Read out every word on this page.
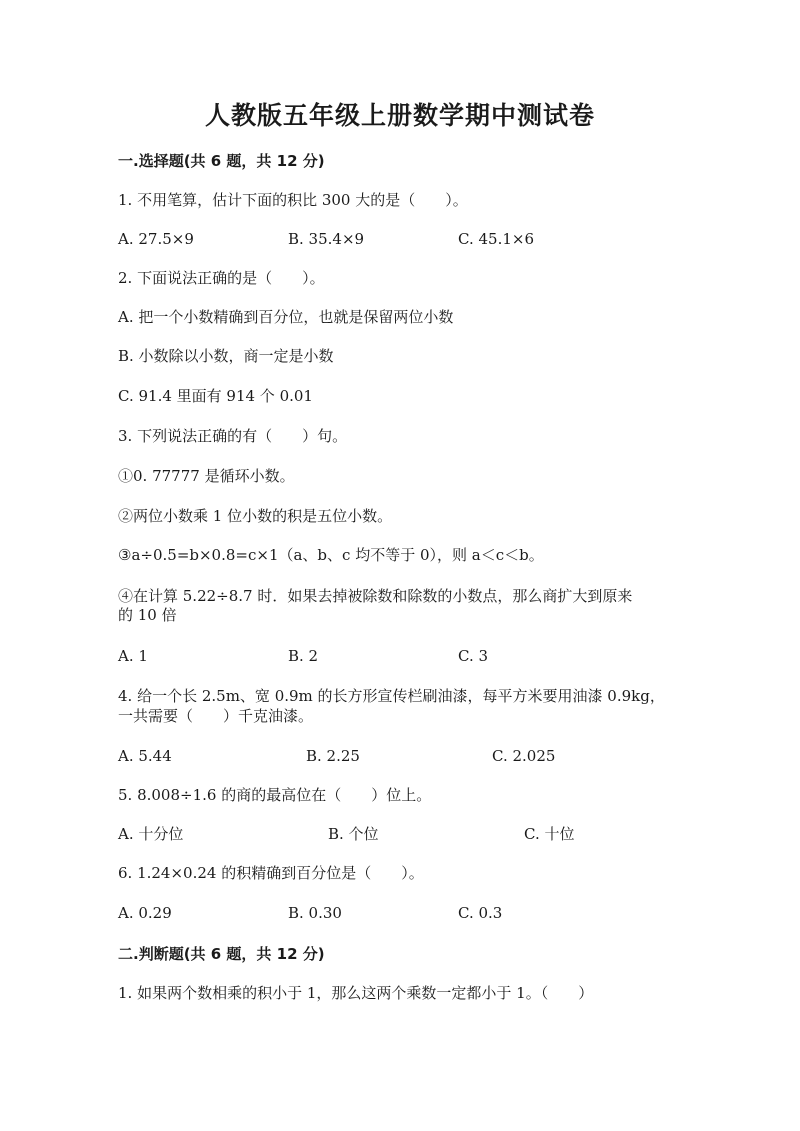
人教版五年级上册数学期中测试卷
一.选择题(共 6 题，共 12 分)
1. 不用笔算，估计下面的积比 300 大的是（　　）。
A. 27.5×9	B. 35.4×9	C. 45.1×6
2. 下面说法正确的是（　　）。
A. 把一个小数精确到百分位，也就是保留两位小数
B. 小数除以小数，商一定是小数
C. 91.4 里面有 914 个 0.01
3. 下列说法正确的有（　　）句。
①0. 77777 是循环小数。
②两位小数乘 1 位小数的积是五位小数。
③a÷0.5=b×0.8=c×1（a、b、c 均不等于 0），则 a＜c＜b。
④在计算 5.22÷8.7 时．如果去掉被除数和除数的小数点，那么商扩大到原来
的 10 倍
A. 1	B. 2	C. 3
4. 给一个长 2.5m、宽 0.9m 的长方形宣传栏刷油漆，每平方米要用油漆 0.9kg，
一共需要（　　）千克油漆。
A. 5.44	B. 2.25	C. 2.025
5. 8.008÷1.6 的商的最高位在（　　）位上。
A. 十分位	B. 个位	C. 十位
6. 1.24×0.24 的积精确到百分位是（　　）。
A. 0.29	B. 0.30	C. 0.3
二.判断题(共 6 题，共 12 分)
1. 如果两个数相乘的积小于 1，那么这两个乘数一定都小于 1。（　　）
